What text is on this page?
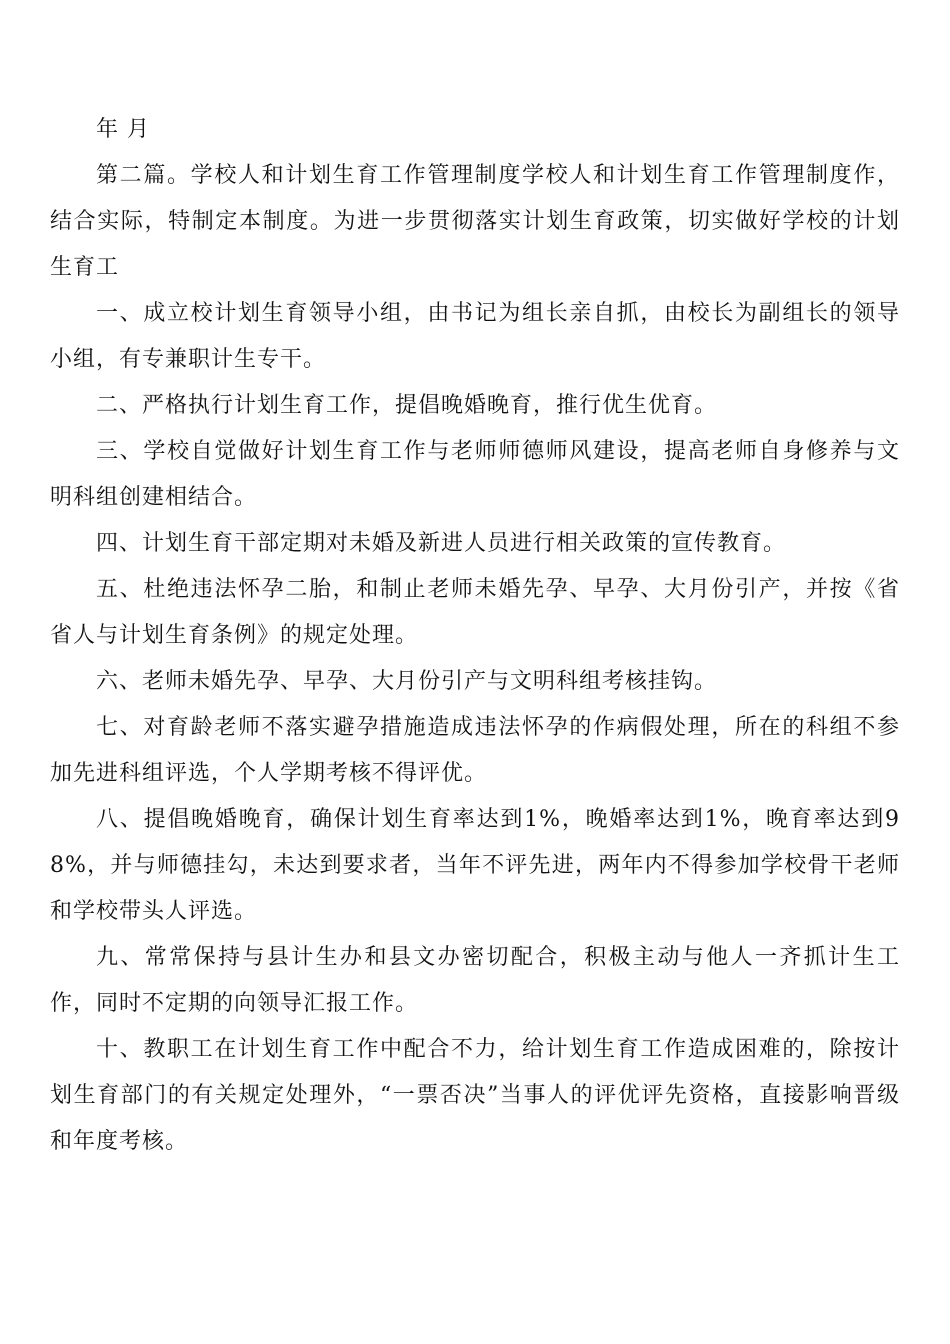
年 月

第二篇。学校人和计划生育工作管理制度学校人和计划生育工作管理制度作，结合实际，特制定本制度。为进一步贯彻落实计划生育政策，切实做好学校的计划生育工

一、成立校计划生育领导小组，由书记为组长亲自抓，由校长为副组长的领导小组，有专兼职计生专干。

二、严格执行计划生育工作，提倡晚婚晚育，推行优生优育。

三、学校自觉做好计划生育工作与老师师德师风建设，提高老师自身修养与文明科组创建相结合。

四、计划生育干部定期对未婚及新进人员进行相关政策的宣传教育。

五、杜绝违法怀孕二胎，和制止老师未婚先孕、早孕、大月份引产，并按《省省人与计划生育条例》的规定处理。

六、老师未婚先孕、早孕、大月份引产与文明科组考核挂钩。

七、对育龄老师不落实避孕措施造成违法怀孕的作病假处理，所在的科组不参加先进科组评选，个人学期考核不得评优。

八、提倡晚婚晚育，确保计划生育率达到1%，晚婚率达到1%，晚育率达到98%，并与师德挂勾，未达到要求者，当年不评先进，两年内不得参加学校骨干老师和学校带头人评选。

九、常常保持与县计生办和县文办密切配合，积极主动与他人一齐抓计生工作，同时不定期的向领导汇报工作。

十、教职工在计划生育工作中配合不力，给计划生育工作造成困难的，除按计划生育部门的有关规定处理外，“一票否决”当事人的评优评先资格，直接影响晋级和年度考核。
